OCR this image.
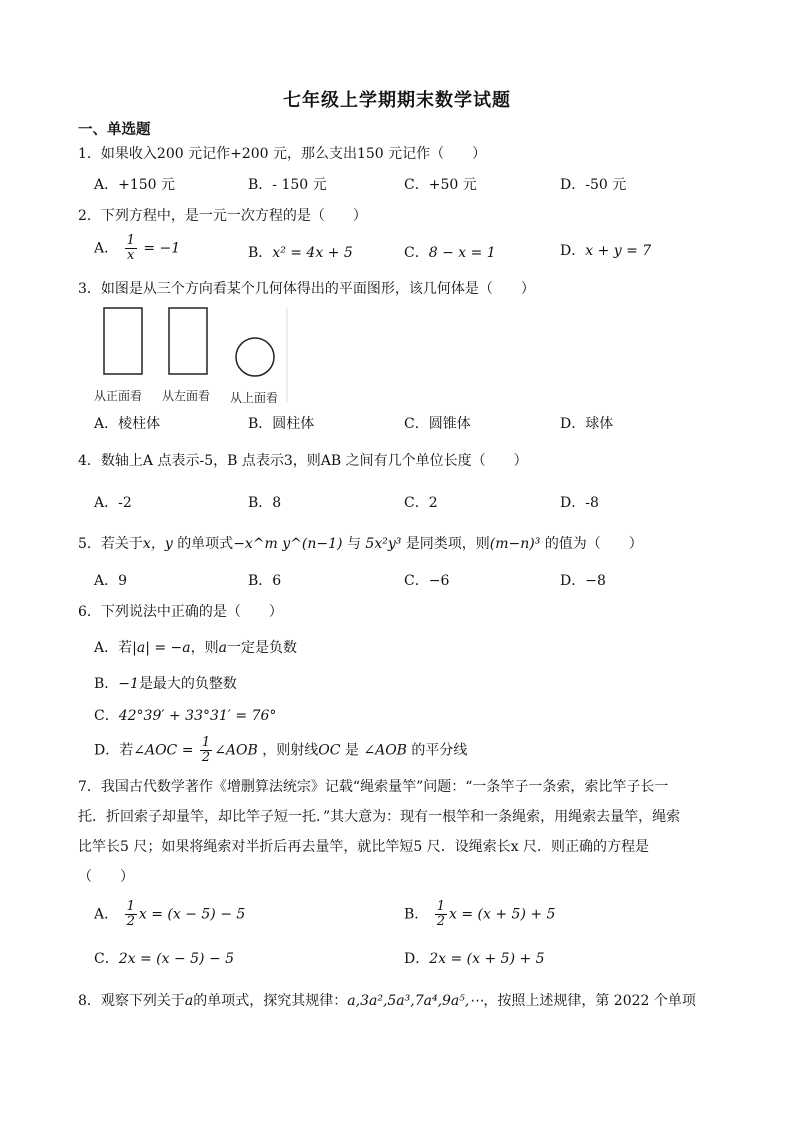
七年级上学期期末数学试题
一、单选题
1．如果收入200 元记作+200 元，那么支出150 元记作（　　）
A．+150 元	B．- 150 元	C．+50 元	D．-50 元
2．下列方程中，是一元一次方程的是（　　）
A． $\frac{1}{x} = -1$	B．x² = 4x + 5	C．8 − x = 1	D．x + y = 7
3．如图是从三个方向看某个几何体得出的平面图形，该几何体是（　　）
从正面看 从左面看 从上面看
A．棱柱体	B．圆柱体	C．圆锥体	D．球体
4．数轴上A 点表示-5，B 点表示3，则AB 之间有几个单位长度（　　）
A．-2	B．8	C．2	D．-8
5．若关于x，y 的单项式−x^m y^(n−1) 与 5x²y³ 是同类项，则(m−n)³ 的值为（　　）
A．9	B．6	C．−6	D．−8
6．下列说法中正确的是（　　）
A．若|a| = −a，则a一定是负数
B．−1是最大的负整数
C．42°39′ + 33°31′ = 76°
D．若∠AOC = $\frac{1}{2}$ ∠AOB ，则射线OC 是 ∠AOB 的平分线
7．我国古代数学著作《增删算法统宗》记载“绳索量竿”问题：“一条竿子一条索，索比竿子长一
托．折回索子却量竿，却比竿子短一托．”其大意为：现有一根竿和一条绳索，用绳索去量竿，绳索
比竿长5 尺；如果将绳索对半折后再去量竿，就比竿短5 尺．设绳索长x 尺．则正确的方程是
（　　）
A． $\frac{1}{2}$ x = (x − 5) − 5	B． $\frac{1}{2}$ x = (x + 5) + 5
C．2x = (x − 5) − 5	D．2x = (x + 5) + 5
8．观察下列关于a的单项式，探究其规律：a,3a²,5a³,7a⁴,9a⁵,⋯，按照上述规律，第 2022 个单项
